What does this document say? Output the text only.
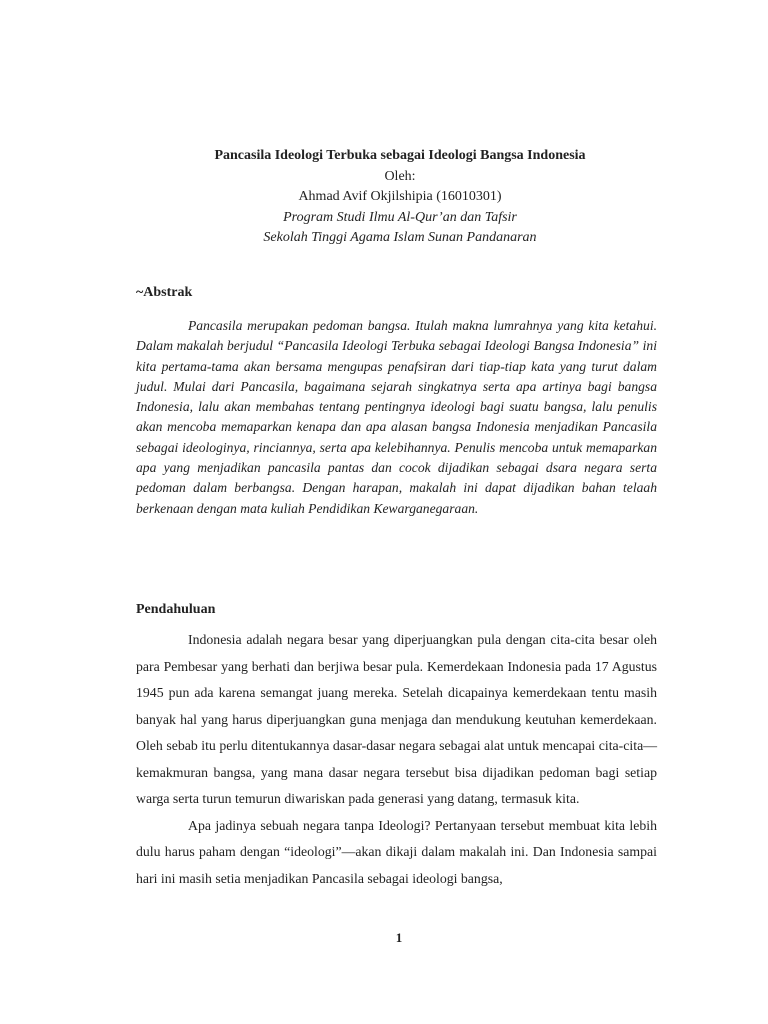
Pancasila Ideologi Terbuka sebagai Ideologi Bangsa Indonesia
Oleh:
Ahmad Avif Okjilshipia (16010301)
Program Studi Ilmu Al-Qur’an dan Tafsir
Sekolah Tinggi Agama Islam Sunan Pandanaran
~Abstrak

Pancasila merupakan pedoman bangsa. Itulah makna lumrahnya yang kita ketahui. Dalam makalah berjudul “Pancasila Ideologi Terbuka sebagai Ideologi Bangsa Indonesia” ini kita pertama-tama akan bersama mengupas penafsiran dari tiap-tiap kata yang turut dalam judul. Mulai dari Pancasila, bagaimana sejarah singkatnya serta apa artinya bagi bangsa Indonesia, lalu akan membahas tentang pentingnya ideologi bagi suatu bangsa, lalu penulis akan mencoba memaparkan kenapa dan apa alasan bangsa Indonesia menjadikan Pancasila sebagai ideologinya, rinciannya, serta apa kelebihannya. Penulis mencoba untuk memaparkan apa yang menjadikan pancasila pantas dan cocok dijadikan sebagai dsara negara serta pedoman dalam berbangsa. Dengan harapan, makalah ini dapat dijadikan bahan telaah berkenaan dengan mata kuliah Pendidikan Kewarganegaraan.

Pendahuluan

Indonesia adalah negara besar yang diperjuangkan pula dengan cita-cita besar oleh para Pembesar yang berhati dan berjiwa besar pula. Kemerdekaan Indonesia pada 17 Agustus 1945 pun ada karena semangat juang mereka. Setelah dicapainya kemerdekaan tentu masih banyak hal yang harus diperjuangkan guna menjaga dan mendukung keutuhan kemerdekaan. Oleh sebab itu perlu ditentukannya dasar-dasar negara sebagai alat untuk mencapai cita-cita—kemakmuran bangsa, yang mana dasar negara tersebut bisa dijadikan pedoman bagi setiap warga serta turun temurun diwariskan pada generasi yang datang, termasuk kita.

Apa jadinya sebuah negara tanpa Ideologi? Pertanyaan tersebut membuat kita lebih dulu harus paham dengan “ideologi”—akan dikaji dalam makalah ini. Dan Indonesia sampai hari ini masih setia menjadikan Pancasila sebagai ideologi bangsa,

1
